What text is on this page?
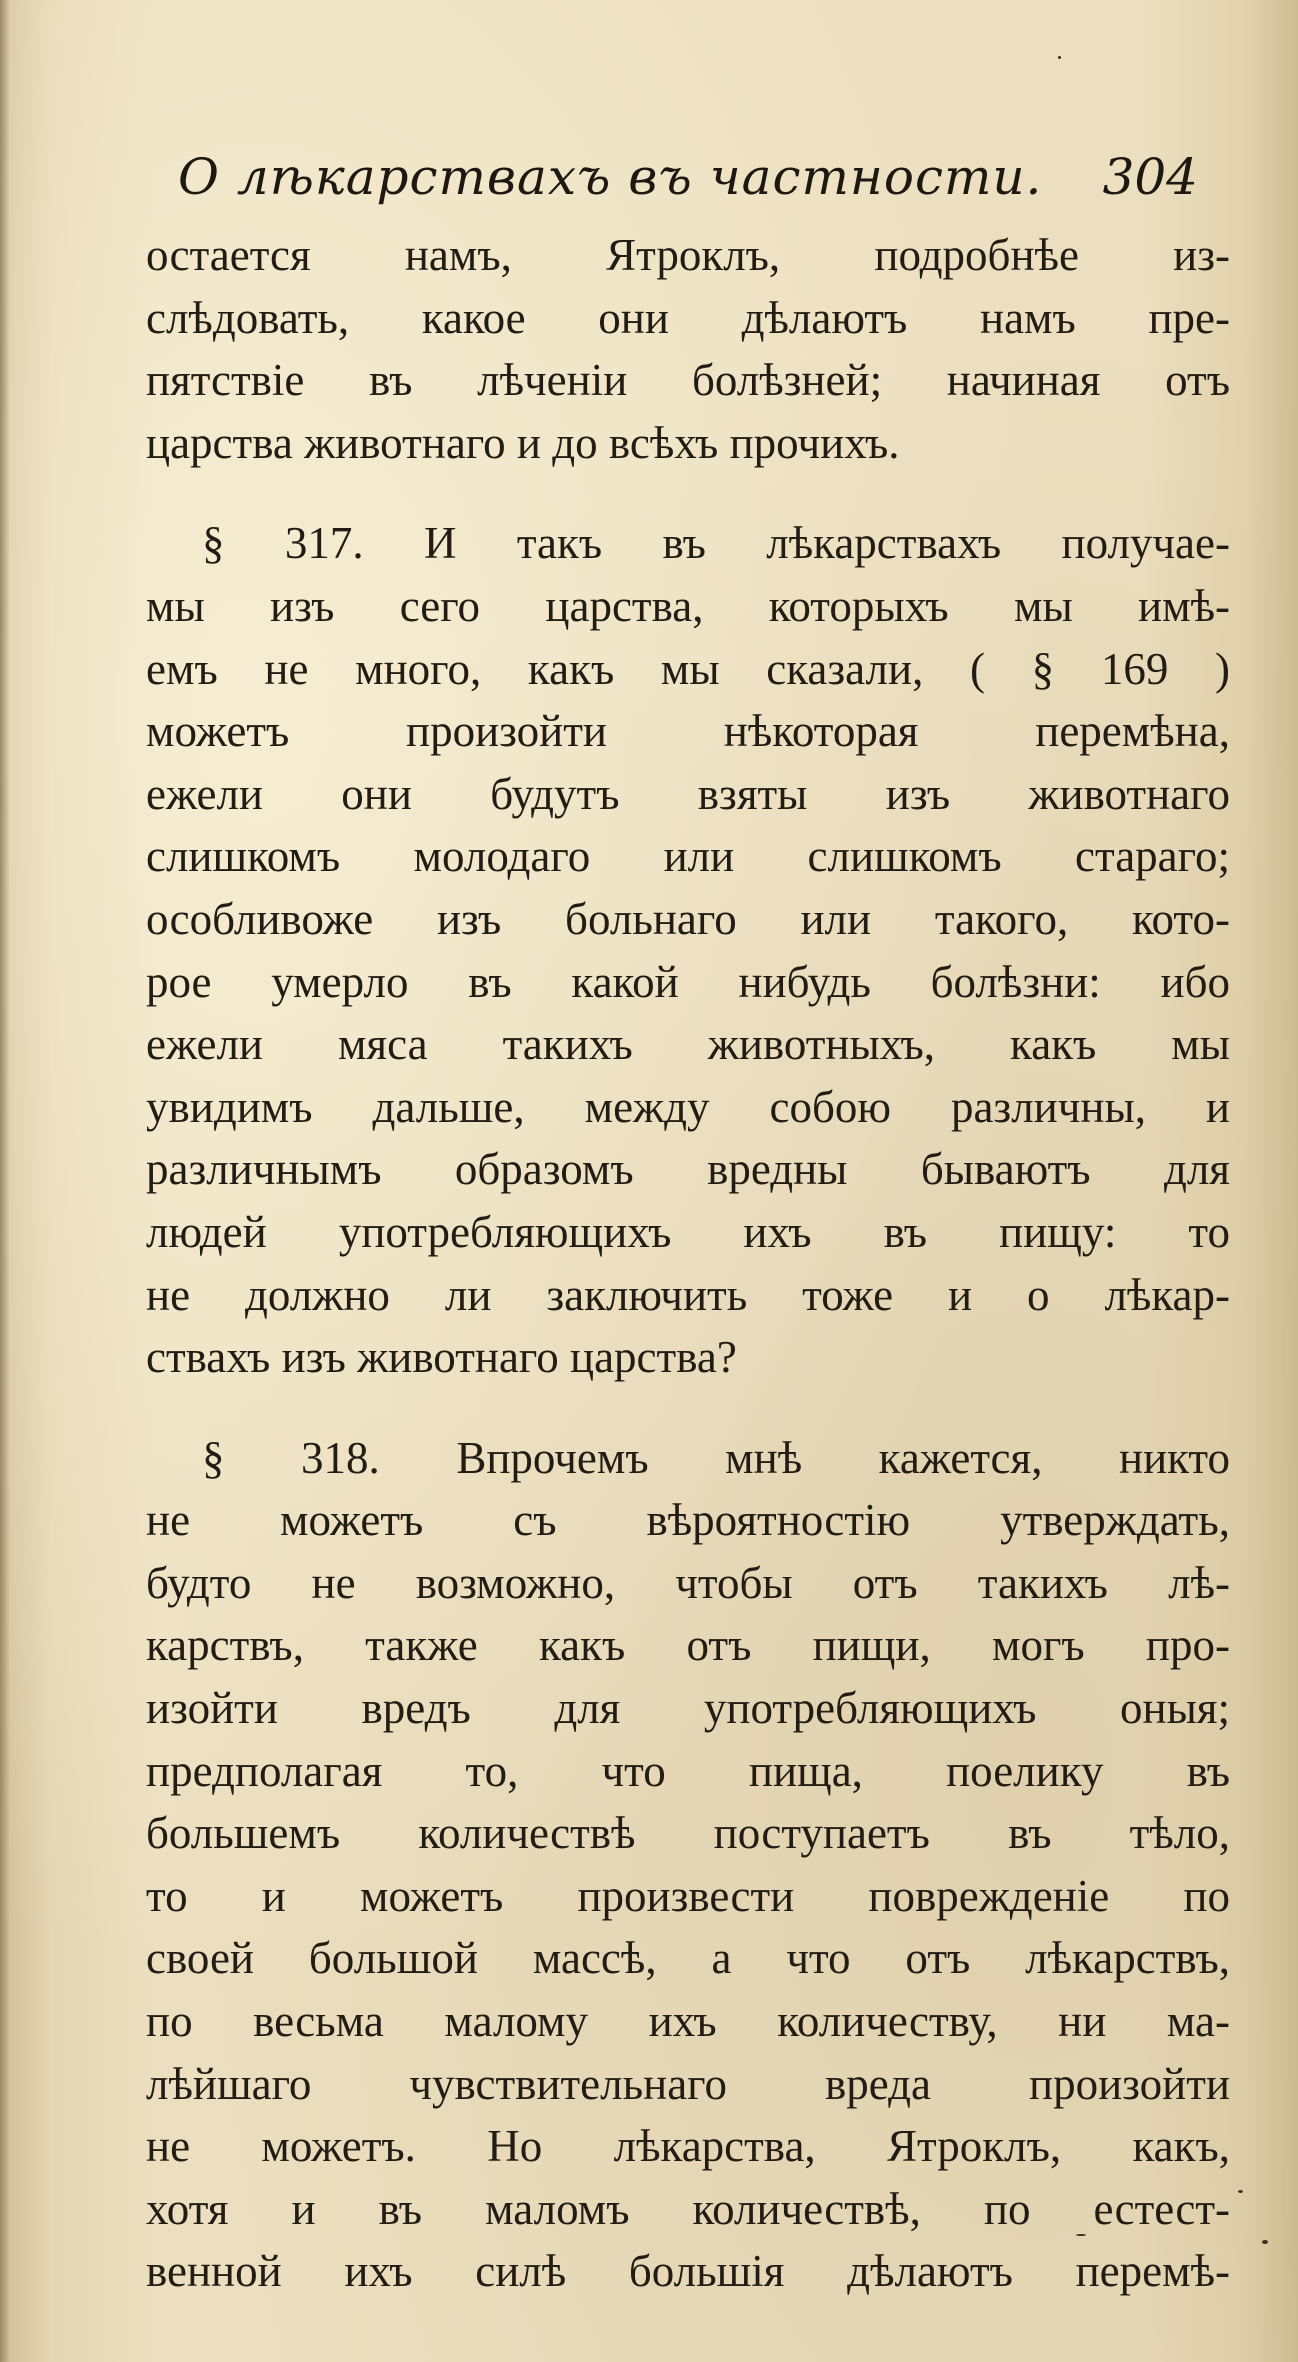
О лѣкарствахъ въ частности. 304
остается намъ, Ятроклъ, подробнѣе из-
слѣдовать, какое они дѣлаютъ намъ пре-
пятствіе въ лѣченіи болѣзней; начиная отъ
царства животнаго и до всѣхъ прочихъ.
§ 317. И такъ въ лѣкарствахъ получае-
мы изъ сего царства, которыхъ мы имѣ-
емъ не много, какъ мы сказали, ( § 169 )
можетъ произойти нѣкоторая перемѣна,
ежели они будутъ взяты изъ животнаго
слишкомъ молодаго или слишкомъ стараго;
особливоже изъ больнаго или такого, кото-
рое умерло въ какой нибудь болѣзни: ибо
ежели мяса такихъ животныхъ, какъ мы
увидимъ дальше, между собою различны, и
различнымъ образомъ вредны бываютъ для
людей употребляющихъ ихъ въ пищу: то
не должно ли заключить тоже и о лѣкар-
ствахъ изъ животнаго царства?
§ 318. Впрочемъ мнѣ кажется, никто
не можетъ съ вѣроятностію утверждать,
будто не возможно, чтобы отъ такихъ лѣ-
карствъ, также какъ отъ пищи, могъ про-
изойти вредъ для употребляющихъ оныя;
предполагая то, что пища, поелику въ
большемъ количествѣ поступаетъ въ тѣло,
то и можетъ произвести поврежденіе по
своей большой массѣ, а что отъ лѣкарствъ,
по весьма малому ихъ количеству, ни ма-
лѣйшаго чувствительнаго вреда произойти
не можетъ. Но лѣкарства, Ятроклъ, какъ,
хотя и въ маломъ количествѣ, по естест-
венной ихъ силѣ большія дѣлаютъ перемѣ-
